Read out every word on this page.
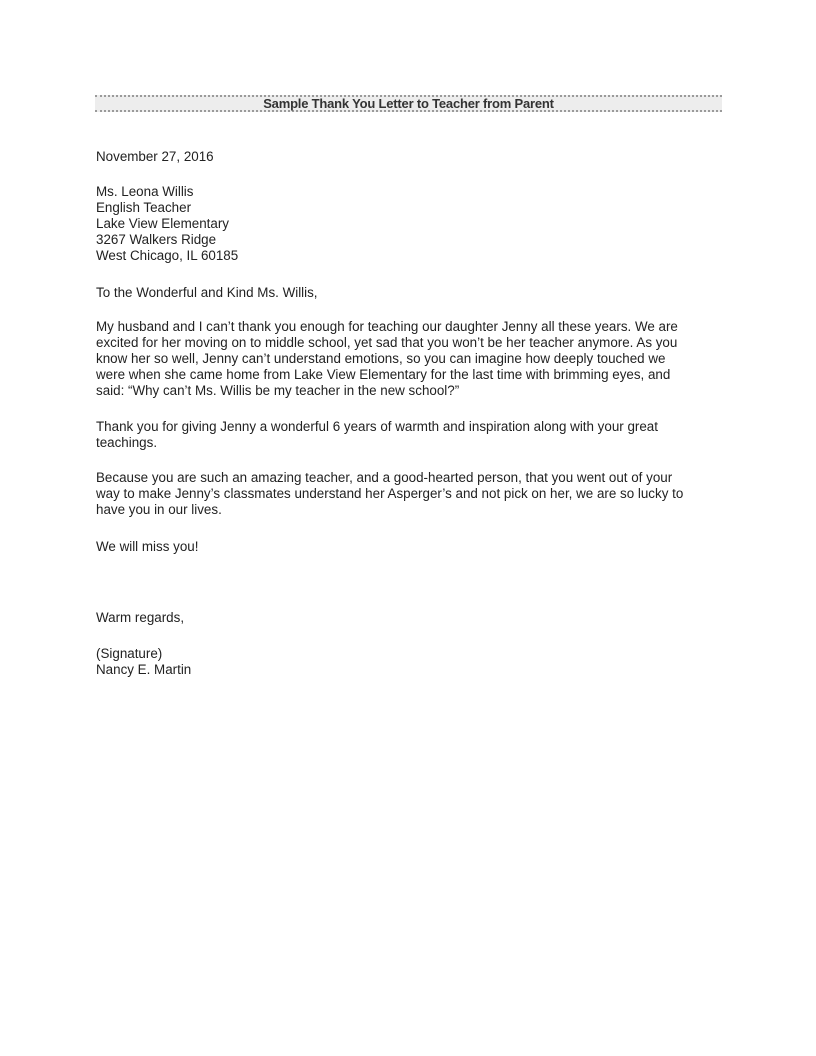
Sample Thank You Letter to Teacher from Parent
November 27, 2016
Ms. Leona Willis
English Teacher
Lake View Elementary
3267 Walkers Ridge
West Chicago, IL 60185
To the Wonderful and Kind Ms. Willis,
My husband and I can’t thank you enough for teaching our daughter Jenny all these years. We are
excited for her moving on to middle school, yet sad that you won’t be her teacher anymore. As you
know her so well, Jenny can’t understand emotions, so you can imagine how deeply touched we
were when she came home from Lake View Elementary for the last time with brimming eyes, and
said: “Why can’t Ms. Willis be my teacher in the new school?”
Thank you for giving Jenny a wonderful 6 years of warmth and inspiration along with your great
teachings.
Because you are such an amazing teacher, and a good-hearted person, that you went out of your
way to make Jenny’s classmates understand her Asperger’s and not pick on her, we are so lucky to
have you in our lives.
We will miss you!
Warm regards,
(Signature)
Nancy E. Martin
